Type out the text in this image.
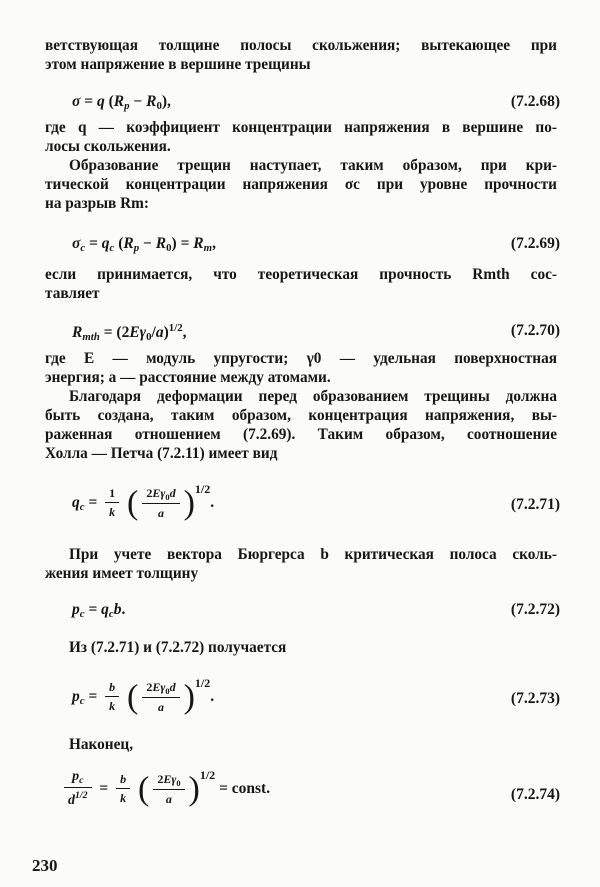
ветствующая толщине полосы скольжения; вытекающее при
этом напряжение в вершине трещины
σ = q $(R_p - R_0)$,	(7.2.68)
где q — коэффициент концентрации напряжения в вершине по-
лосы скольжения.
Образование трещин наступает, таким образом, при кри-
тической концентрации напряжения σc при уровне прочности
на разрыв Rm:
$\sigma_c = q_c$ $(R_p - R_0) = R_m$,	(7.2.69)
если принимается, что теоретическая прочность Rmth сос-
тавляет
$R_{mth} = (2E\gamma_0/a)^{1/2}$,	(7.2.70)
где E — модуль упругости; γ0 — удельная поверхностная
энергия; a — расстояние между атомами.
Благодаря деформации перед образованием трещины должна
быть создана, таким образом, концентрация напряжения, вы-
раженная отношением (7.2.69). Таким образом, соотношение
Холла — Петча (7.2.11) имеет вид
$q_c = \frac{1}{k}$ ( $\frac{2E\gamma_0d}{a} )^{1/2}$.	(7.2.71)
При учете вектора Бюргерса b критическая полоса сколь-
жения имеет толщину
$p_c = q_cb$.	(7.2.72)
Из (7.2.71) и (7.2.72) получается
$p_c = \frac{b}{k}$ ( $\frac{2E\gamma_0d}{a} )^{1/2}$.	(7.2.73)
Наконец,
$\frac{p_c}{d^{1/2}} = \frac{b}{k}$ ( $\frac{2E\gamma_0}{a} )^{1/2}$ = const.	(7.2.74)
230
